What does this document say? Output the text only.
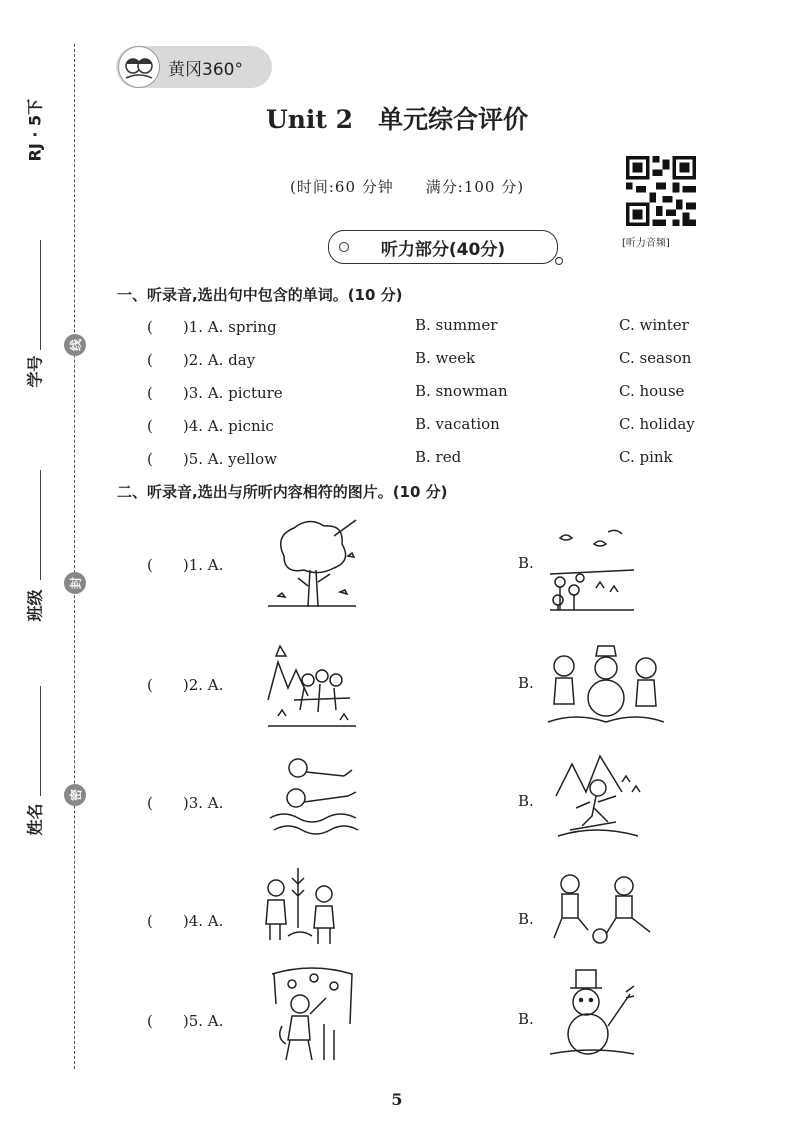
RJ · 5下
学号
班级
姓名
线
封
密
黄冈360°
Unit 2　单元综合评价
(时间:60 分钟　　满分:100 分)
[听力音频]
听力部分(40分)
一、听录音,选出句中包含的单词。(10 分)
(　　)1. A. spring	B. summer	C. winter
(　　)2. A. day	B. week	C. season
(　　)3. A. picture	B. snowman	C. house
(　　)4. A. picnic	B. vacation	C. holiday
(　　)5. A. yellow	B. red	C. pink
二、听录音,选出与所听内容相符的图片。(10 分)
(　　)1. A.	B.
(　　)2. A.	B.
(　　)3. A.	B.
(　　)4. A.	B.
(　　)5. A.	B.
5
